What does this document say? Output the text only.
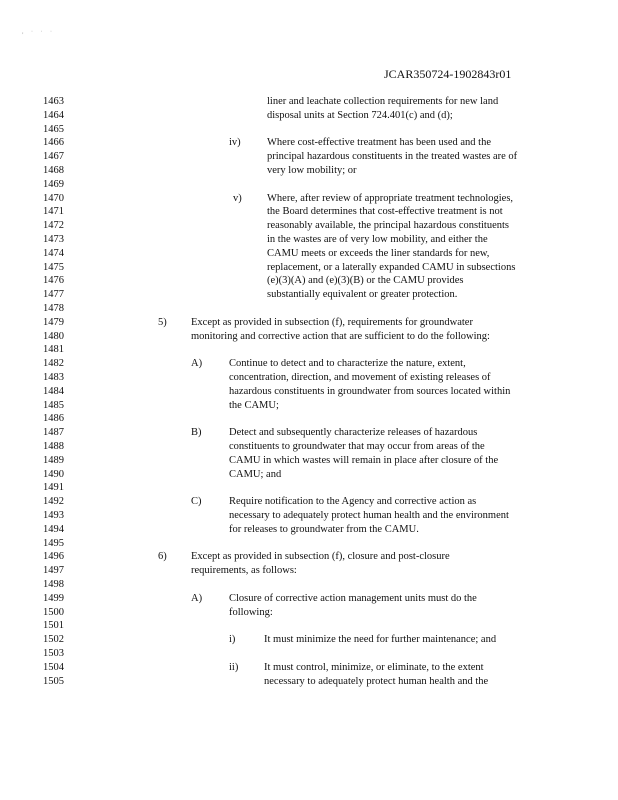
, · · ·
JCAR350724-1902843r01
1463
1464
1465
1466
1467
1468
1469
1470
1471
1472
1473
1474
1475
1476
1477
1478
1479
1480
1481
1482
1483
1484
1485
1486
1487
1488
1489
1490
1491
1492
1493
1494
1495
1496
1497
1498
1499
1500
1501
1502
1503
1504
1505
liner and leachate collection requirements for new land
disposal units at Section 724.401(c) and (d);
iv)	Where cost-effective treatment has been used and the
principal hazardous constituents in the treated wastes are of
very low mobility; or
v) Where, after review of appropriate treatment technologies,
the Board determines that cost-effective treatment is not
reasonably available, the principal hazardous constituents
in the wastes are of very low mobility, and either the
CAMU meets or exceeds the liner standards for new,
replacement, or a laterally expanded CAMU in subsections
(e)(3)(A) and (e)(3)(B) or the CAMU provides
substantially equivalent or greater protection.
5) Except as provided in subsection (f), requirements for groundwater
monitoring and corrective action that are sufficient to do the following:
A)	Continue to detect and to characterize the nature, extent,
concentration, direction, and movement of existing releases of
hazardous constituents in groundwater from sources located within
the CAMU;
B)	Detect and subsequently characterize releases of hazardous
constituents to groundwater that may occur from areas of the
CAMU in which wastes will remain in place after closure of the
CAMU; and
C)	Require notification to the Agency and corrective action as
necessary to adequately protect human health and the environment
for releases to groundwater from the CAMU.
6) Except as provided in subsection (f), closure and post-closure
requirements, as follows:
A)	Closure of corrective action management units must do the
following:
i)	It must minimize the need for further maintenance; and
ii) It must control, minimize, or eliminate, to the extent
necessary to adequately protect human health and the
